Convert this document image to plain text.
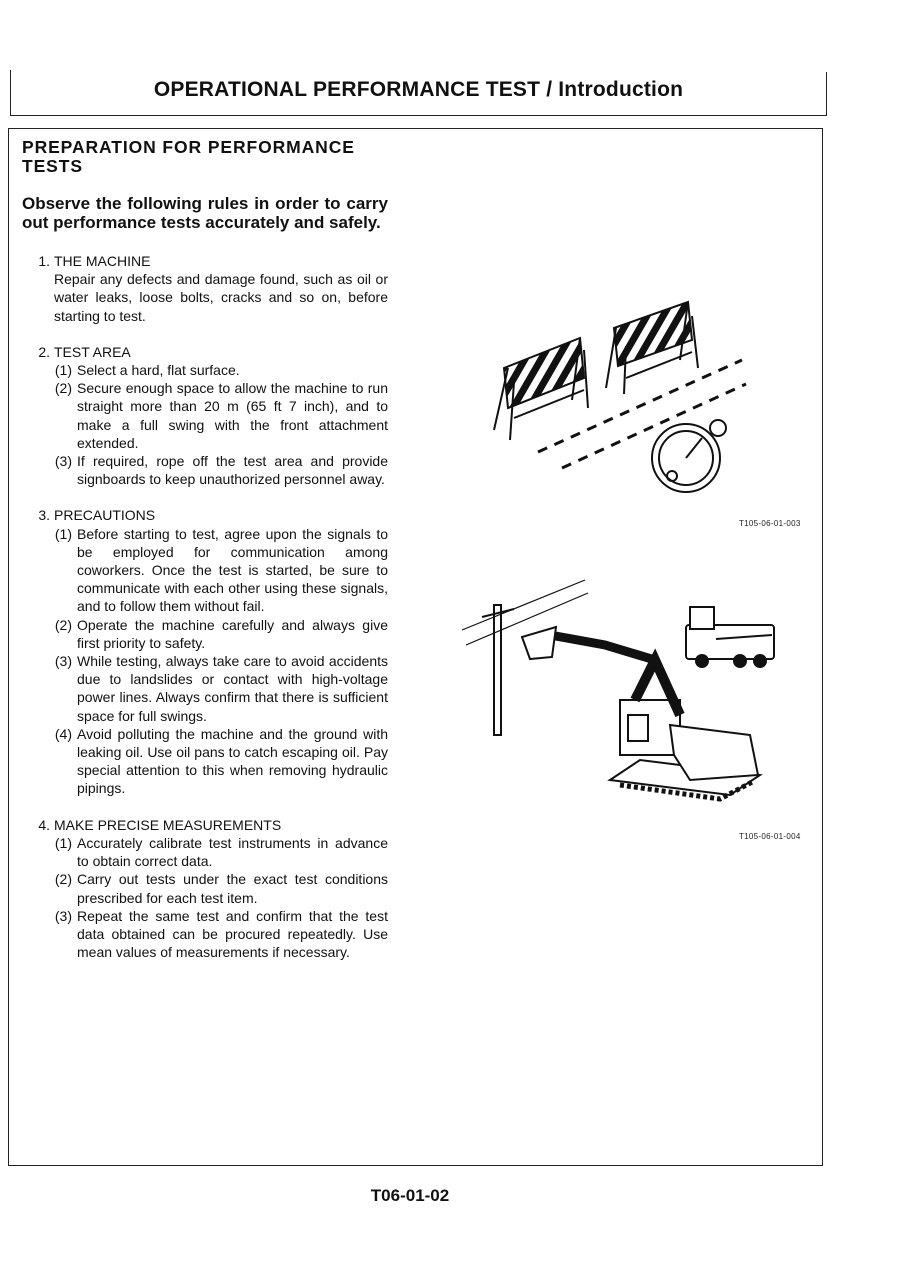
OPERATIONAL PERFORMANCE TEST / Introduction
PREPARATION FOR PERFORMANCE TESTS
Observe the following rules in order to carry out performance tests accurately and safely.
1. THE MACHINE
Repair any defects and damage found, such as oil or water leaks, loose bolts, cracks and so on, before starting to test.
2. TEST AREA
(1) Select a hard, flat surface.
(2) Secure enough space to allow the machine to run straight more than 20 m (65 ft 7 inch), and to make a full swing with the front attachment extended.
(3) If required, rope off the test area and provide signboards to keep unauthorized personnel away.
3. PRECAUTIONS
(1) Before starting to test, agree upon the signals to be employed for communication among coworkers. Once the test is started, be sure to communicate with each other using these signals, and to follow them without fail.
(2) Operate the machine carefully and always give first priority to safety.
(3) While testing, always take care to avoid accidents due to landslides or contact with high-voltage power lines. Always confirm that there is sufficient space for full swings.
(4) Avoid polluting the machine and the ground with leaking oil. Use oil pans to catch escaping oil. Pay special attention to this when removing hydraulic pipings.
4. MAKE PRECISE MEASUREMENTS
(1) Accurately calibrate test instruments in advance to obtain correct data.
(2) Carry out tests under the exact test conditions prescribed for each test item.
(3) Repeat the same test and confirm that the test data obtained can be procured repeatedly. Use mean values of measurements if necessary.
T105-06-01-003
T105-06-01-004
T06-01-02
